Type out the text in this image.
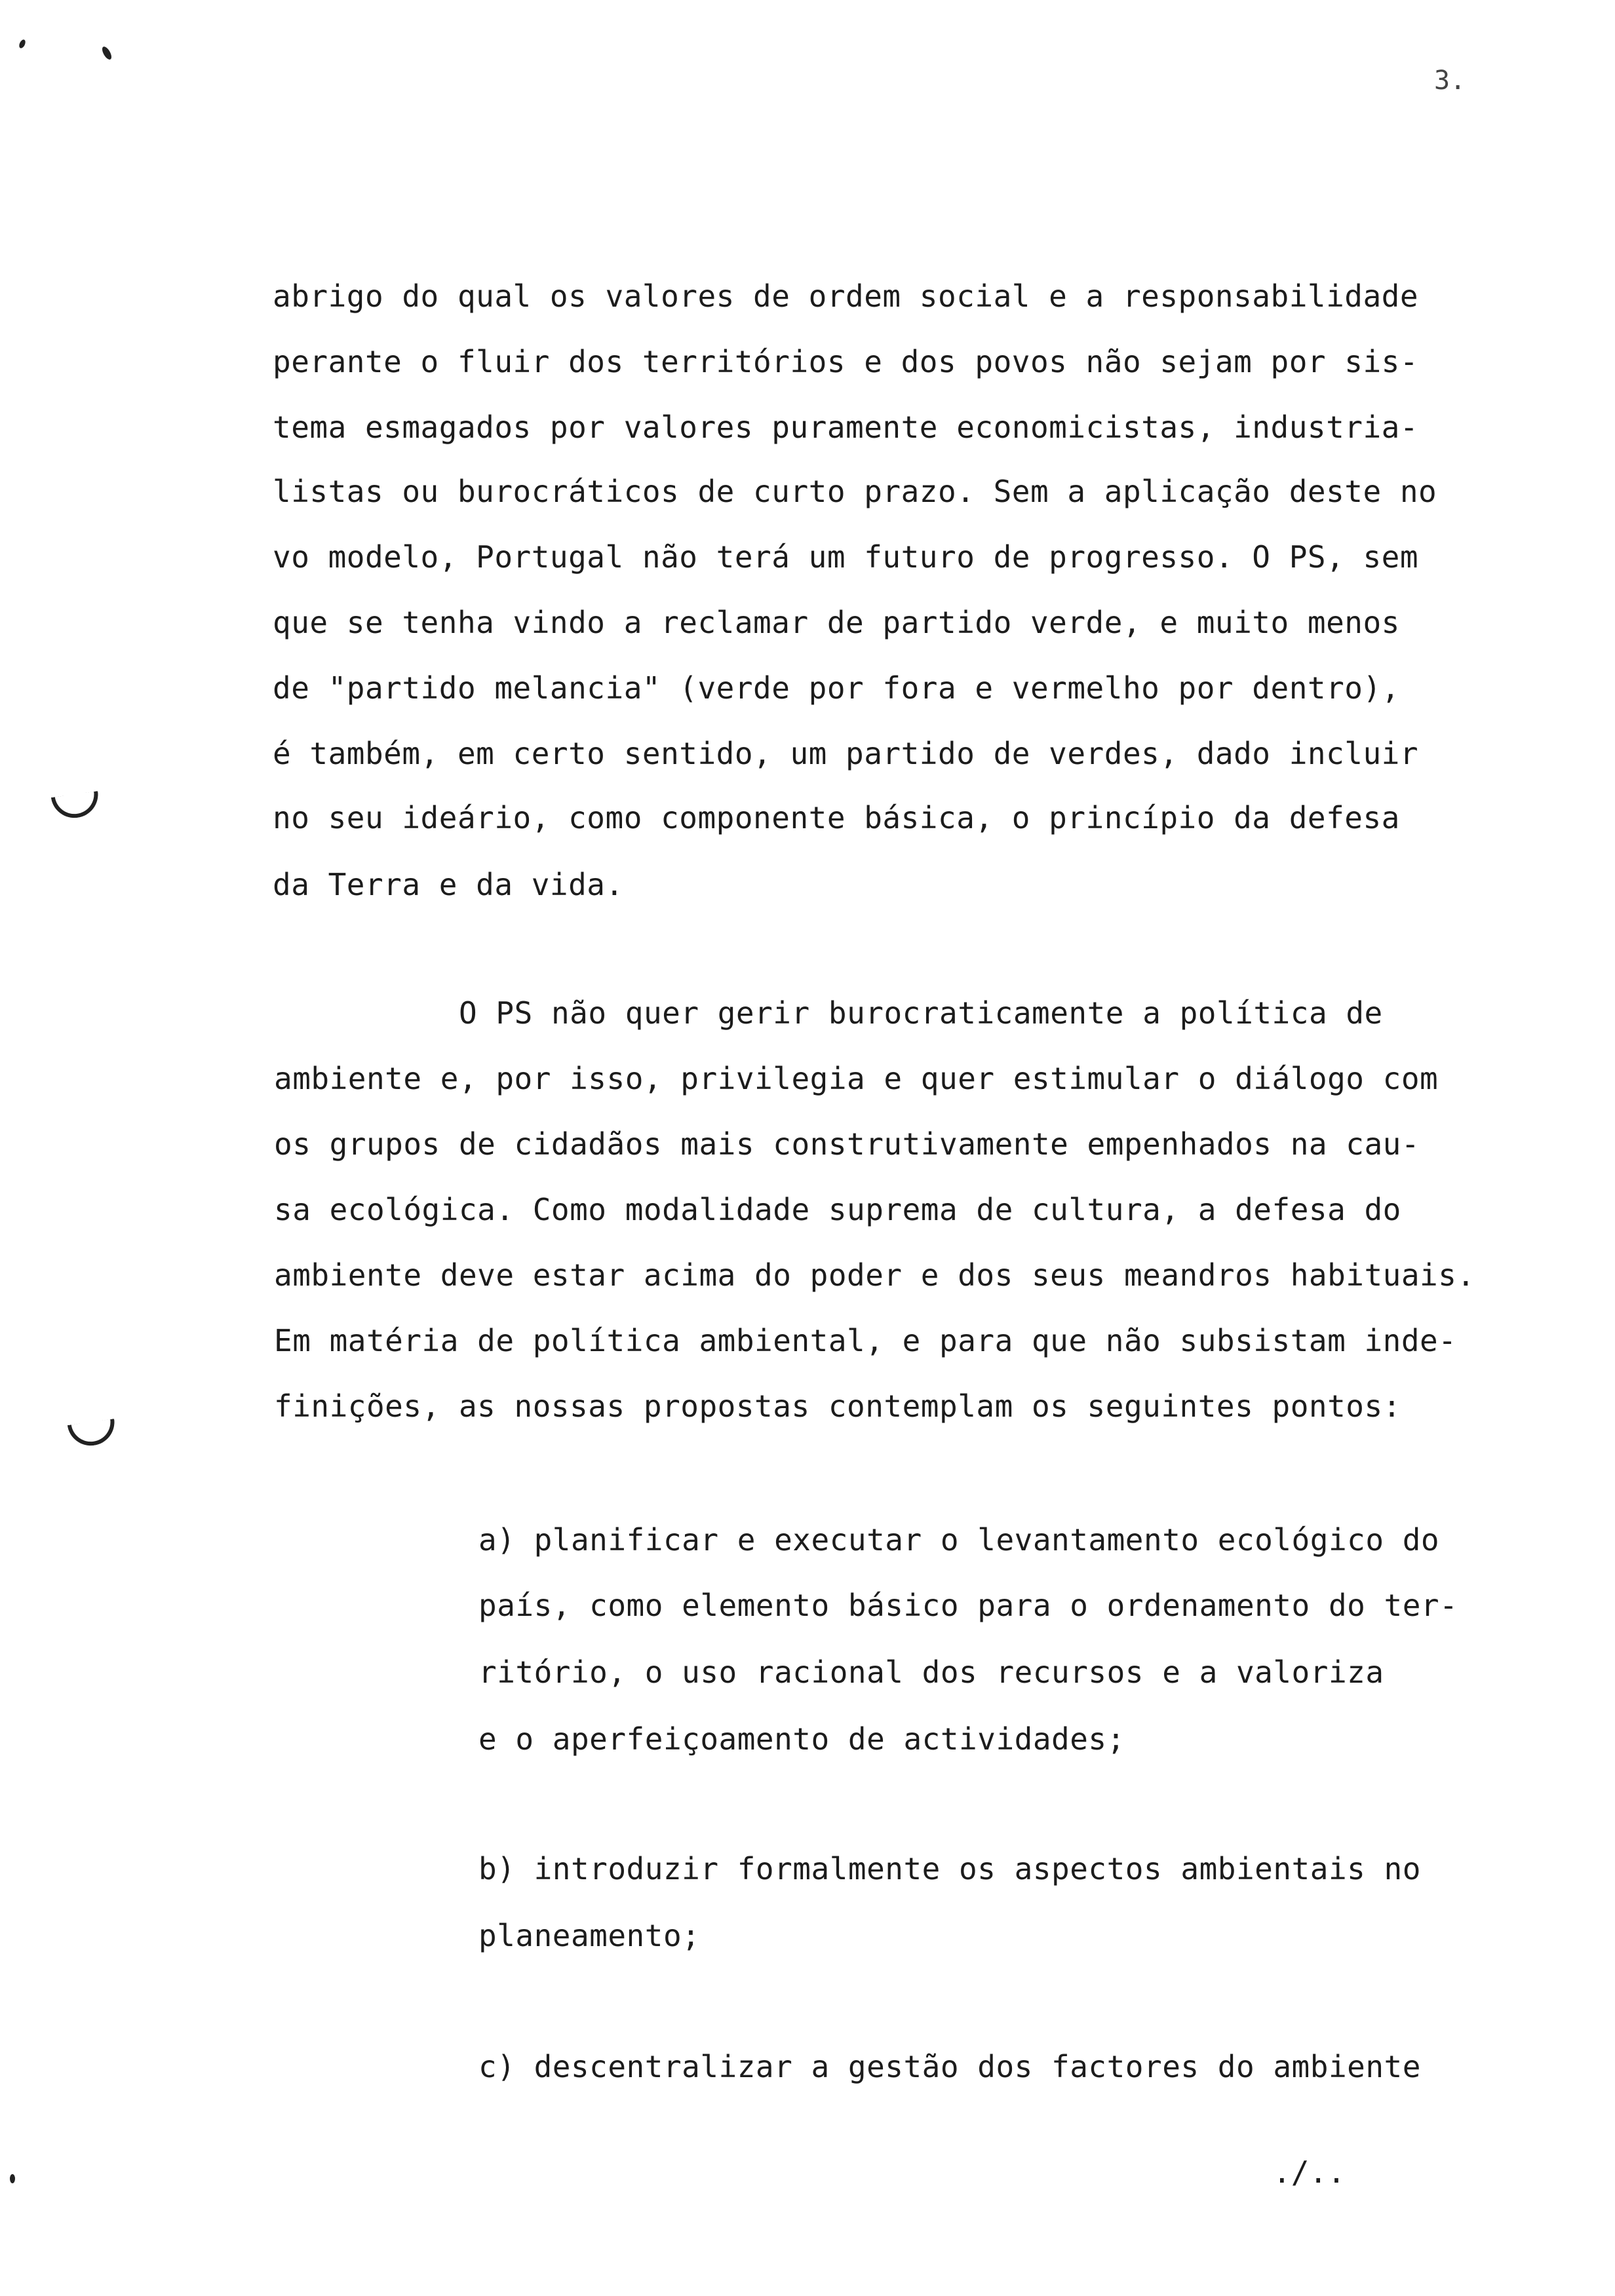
3.
abrigo do qual os valores de ordem social e a responsabilidade
perante o fluir dos territórios e dos povos não sejam por sis-
tema esmagados por valores puramente economicistas, industria-
listas ou burocráticos de curto prazo. Sem a aplicação deste no
vo modelo, Portugal não terá um futuro de progresso. O PS, sem
que se tenha vindo a reclamar de partido verde, e muito menos
de "partido melancia" (verde por fora e vermelho por dentro),
é também, em certo sentido, um partido de verdes, dado incluir
no seu ideário, como componente básica, o princípio da defesa
da Terra e da vida.
O PS não quer gerir burocraticamente a política de
ambiente e, por isso, privilegia e quer estimular o diálogo com
os grupos de cidadãos mais construtivamente empenhados na cau-
sa ecológica. Como modalidade suprema de cultura, a defesa do
ambiente deve estar acima do poder e dos seus meandros habituais.
Em matéria de política ambiental, e para que não subsistam inde-
finições, as nossas propostas contemplam os seguintes pontos:
a) planificar e executar o levantamento ecológico do
país, como elemento básico para o ordenamento do ter-
ritório, o uso racional dos recursos e a valoriza
e o aperfeiçoamento de actividades;
b) introduzir formalmente os aspectos ambientais no
planeamento;
c) descentralizar a gestão dos factores do ambiente
./..
